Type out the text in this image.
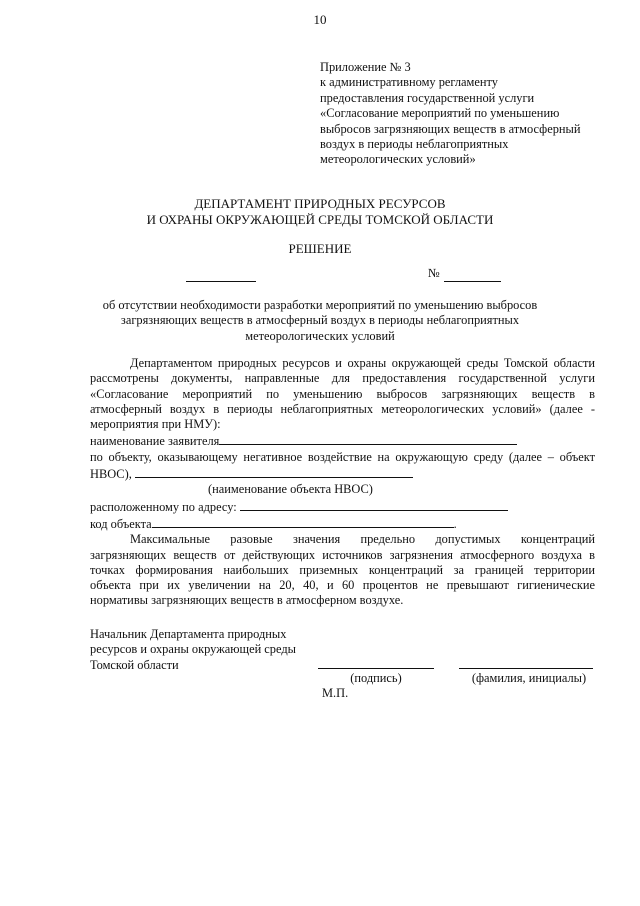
10
Приложение № 3
к административному регламенту
предоставления государственной услуги
«Согласование мероприятий по уменьшению
выбросов загрязняющих веществ в атмосферный
воздух в периоды неблагоприятных
метеорологических условий»
ДЕПАРТАМЕНТ ПРИРОДНЫХ РЕСУРСОВ
И ОХРАНЫ ОКРУЖАЮЩЕЙ СРЕДЫ ТОМСКОЙ ОБЛАСТИ
РЕШЕНИЕ
№
об отсутствии необходимости разработки мероприятий по уменьшению выбросов
загрязняющих веществ в атмосферный воздух в периоды неблагоприятных
метеорологических условий
Департаментом природных ресурсов и охраны окружающей среды Томской области
рассмотрены документы, направленные для предоставления государственной услуги
«Согласование мероприятий по уменьшению выбросов загрязняющих веществ в
атмосферный воздух в периоды неблагоприятных метеорологических условий» (далее -
мероприятия при НМУ):
наименование заявителя
по объекту, оказывающему негативное воздействие на окружающую среду (далее – объект
НВОС),
(наименование объекта НВОС)
расположенному по адресу:
код объекта	.
Максимальные разовые значения предельно допустимых концентраций
загрязняющих веществ от действующих источников загрязнения атмосферного воздуха в
точках формирования наибольших приземных концентраций за границей территории
объекта при их увеличении на 20, 40, и 60 процентов не превышают гигиенические
нормативы загрязняющих веществ в атмосферном воздухе.
Начальник Департамента природных
ресурсов и охраны окружающей среды
Томской области
(подпись)	(фамилия, инициалы)
М.П.
